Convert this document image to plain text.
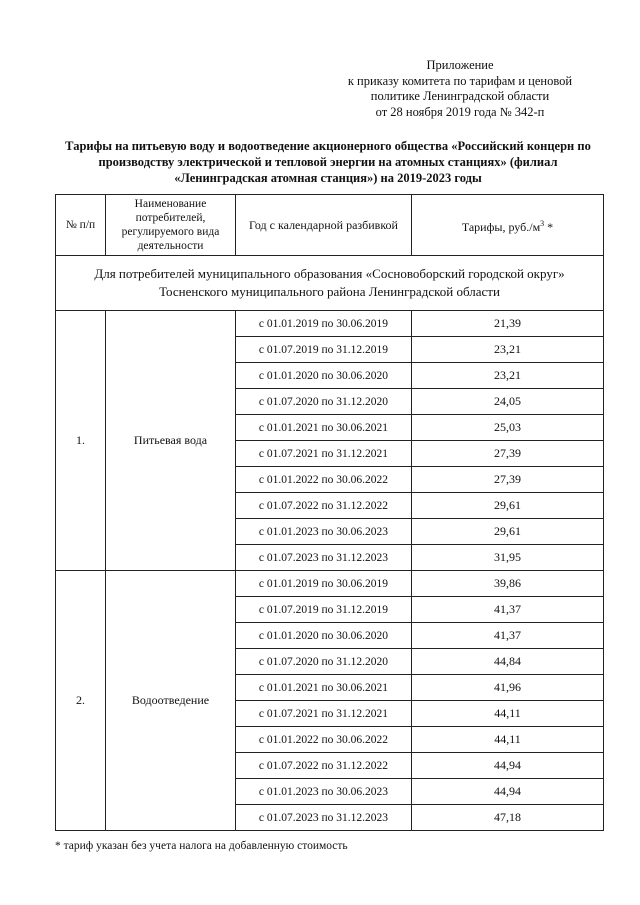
Приложение
к приказу комитета по тарифам и ценовой
политике Ленинградской области
от 28 ноября 2019 года № 342-п
Тарифы на питьевую воду и водоотведение акционерного общества «Российский концерн по
производству электрической и тепловой энергии на атомных станциях» (филиал
«Ленинградская атомная станция») на 2019-2023 годы
№ п/п	Наименование потребителей, регулируемого вида деятельности	Год с календарной разбивкой	Тарифы, $руб./м^3$ *

Для потребителей муниципального образования «Сосновоборский городской округ»
Тосненского муниципального района Ленинградской области			

1.	Питьевая вода	с 01.01.2019 по 30.06.2019	21,39
		с 01.07.2019 по 31.12.2019	23,21
		с 01.01.2020 по 30.06.2020	23,21
		с 01.07.2020 по 31.12.2020	24,05
		с 01.01.2021 по 30.06.2021	25,03
		с 01.07.2021 по 31.12.2021	27,39
		с 01.01.2022 по 30.06.2022	27,39
		с 01.07.2022 по 31.12.2022	29,61
		с 01.01.2023 по 30.06.2023	29,61
		с 01.07.2023 по 31.12.2023	31,95
2.	Водоотведение	с 01.01.2019 по 30.06.2019	39,86
		с 01.07.2019 по 31.12.2019	41,37
		с 01.01.2020 по 30.06.2020	41,37
		с 01.07.2020 по 31.12.2020	44,84
		с 01.01.2021 по 30.06.2021	41,96
		с 01.07.2021 по 31.12.2021	44,11
		с 01.01.2022 по 30.06.2022	44,11
		с 01.07.2022 по 31.12.2022	44,94
		с 01.01.2023 по 30.06.2023	44,94
		с 01.07.2023 по 31.12.2023	47,18
* тариф указан без учета налога на добавленную стоимость
